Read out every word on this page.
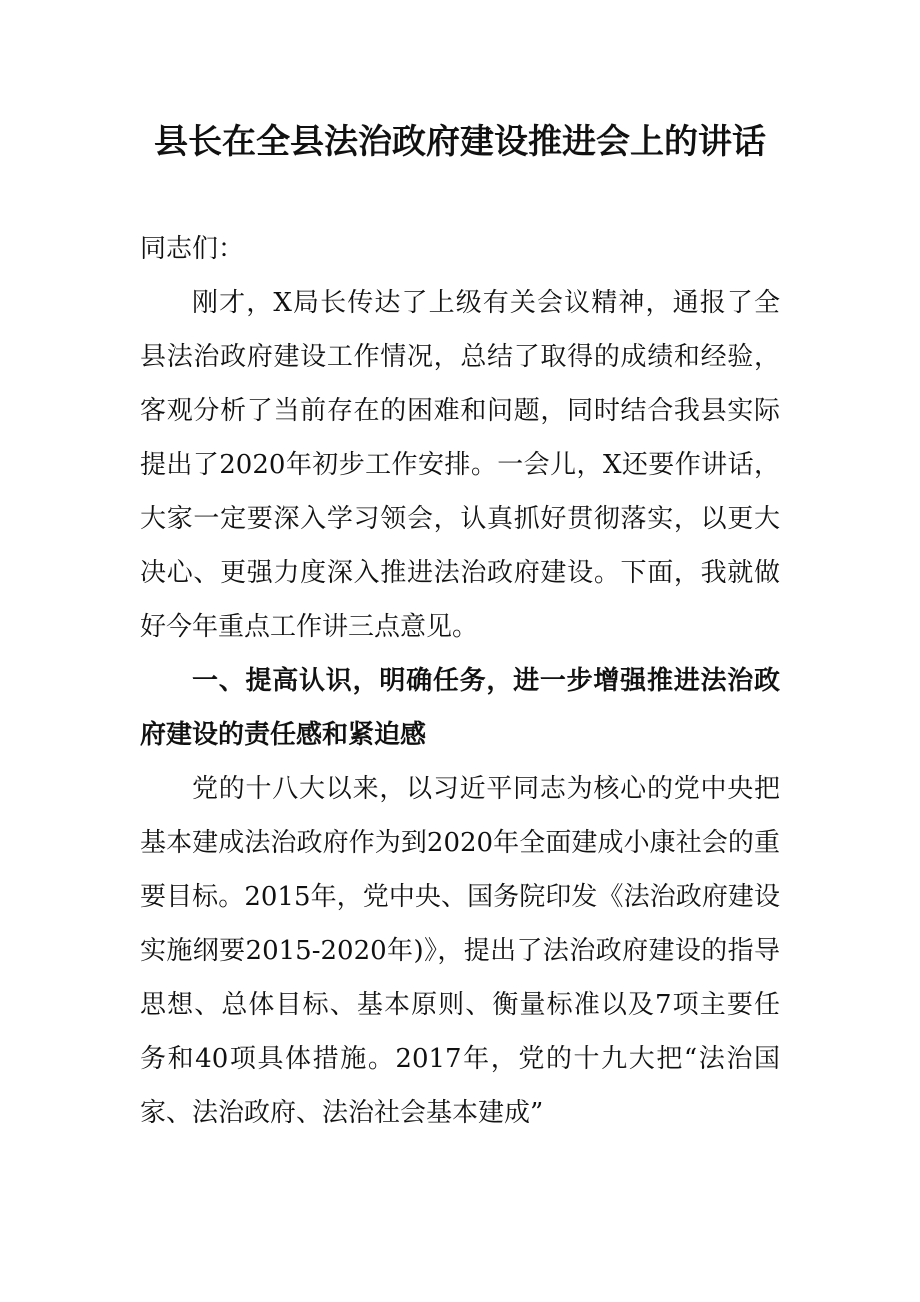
县长在全县法治政府建设推进会上的讲话

同志们：

刚才，X局长传达了上级有关会议精神，通报了全县法治政府建设工作情况，总结了取得的成绩和经验，客观分析了当前存在的困难和问题，同时结合我县实际提出了2020年初步工作安排。一会儿，X还要作讲话，大家一定要深入学习领会，认真抓好贯彻落实，以更大决心、更强力度深入推进法治政府建设。下面，我就做好今年重点工作讲三点意见。

一、提高认识，明确任务，进一步增强推进法治政府建设的责任感和紧迫感

党的十八大以来，以习近平同志为核心的党中央把基本建成法治政府作为到2020年全面建成小康社会的重要目标。2015年，党中央、国务院印发《法治政府建设实施纲要2015-2020年)》，提出了法治政府建设的指导思想、总体目标、基本原则、衡量标准以及7项主要任务和40项具体措施。2017年，党的十九大把“法治国家、法治政府、法治社会基本建成”
